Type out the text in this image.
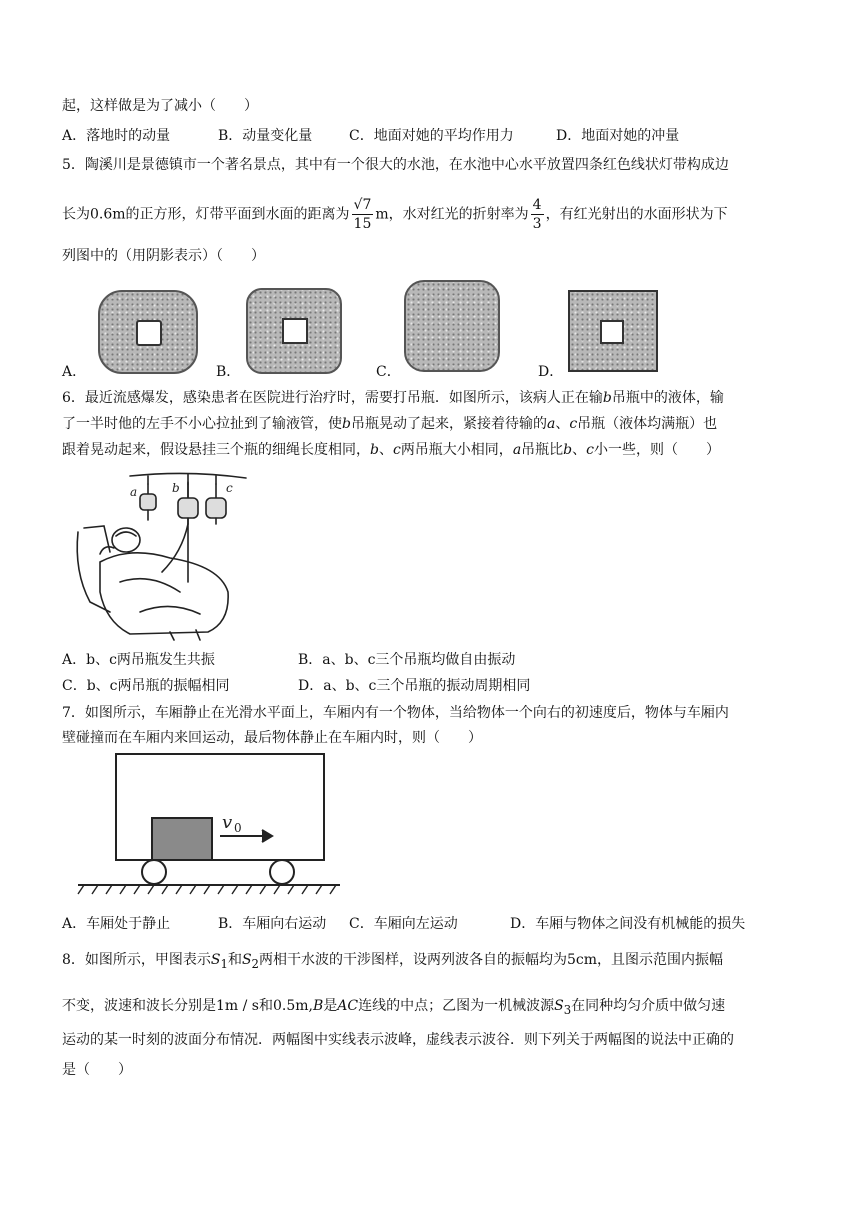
起，这样做是为了减小（　　）
A．落地时的动量	B．动量变化量	C．地面对她的平均作用力	D．地面对她的冲量
5．陶溪川是景德镇市一个著名景点，其中有一个很大的水池，在水池中心水平放置四条红色线状灯带构成边
长为0.6m的正方形，灯带平面到水面的距离为 $\frac{√7}{15}$ m，水对红光的折射率为 $\frac{4}{3}$ ，有红光射出的水面形状为下
列图中的（用阴影表示）（　　）
A．	B．	C．	D．
6．最近流感爆发，感染患者在医院进行治疗时，需要打吊瓶．如图所示，该病人正在输b吊瓶中的液体，输
了一半时他的左手不小心拉扯到了输液管，使b吊瓶晃动了起来，紧接着待输的a、c吊瓶（液体均满瓶）也
跟着晃动起来，假设悬挂三个瓶的细绳长度相同，b、c两吊瓶大小相同，a吊瓶比b、c小一些，则（　　）
a	b	c
A．b、c两吊瓶发生共振	B．a、b、c三个吊瓶均做自由振动
C．b、c两吊瓶的振幅相同	D．a、b、c三个吊瓶的振动周期相同
7．如图所示，车厢静止在光滑水平面上，车厢内有一个物体，当给物体一个向右的初速度后，物体与车厢内
壁碰撞而在车厢内来回运动，最后物体静止在车厢内时，则（　　）
v 0
A．车厢处于静止	B．车厢向右运动 C．车厢向左运动	D．车厢与物体之间没有机械能的损失
8．如图所示，甲图表示$S_1$和$S_2$两相干水波的干涉图样，设两列波各自的振幅均为5cm，且图示范围内振幅
不变，波速和波长分别是1m / s和0.5m,B是AC连线的中点；乙图为一机械波源$S_3$在同种均匀介质中做匀速
运动的某一时刻的波面分布情况．两幅图中实线表示波峰，虚线表示波谷．则下列关于两幅图的说法中正确的
是（　　）
